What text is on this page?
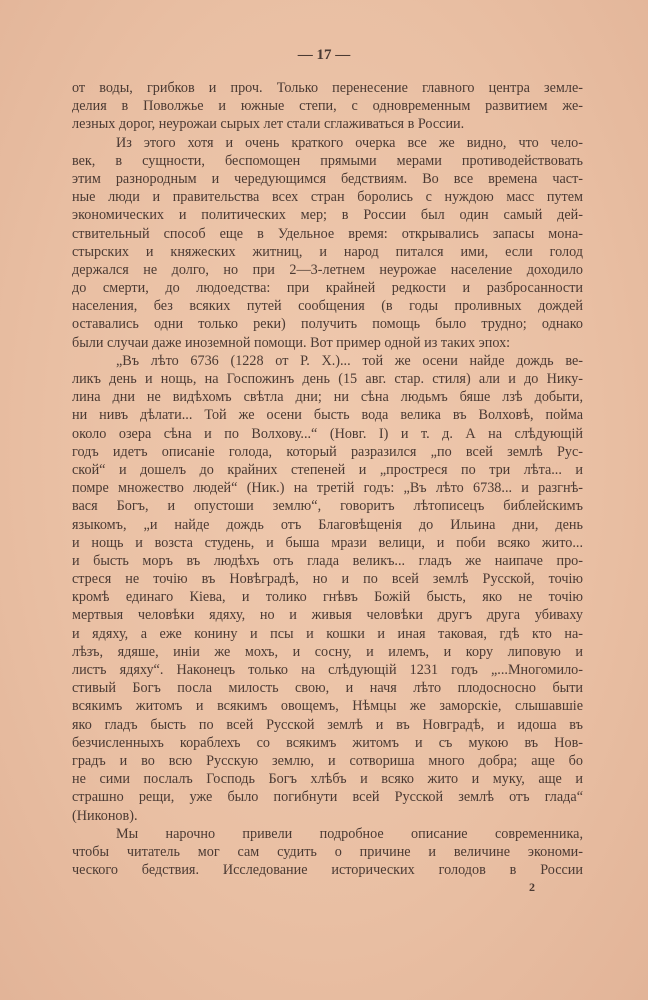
— 17 —
от воды, грибков и проч. Только перенесение главного центра земле-
делия в Поволжье и южные степи, с одновременным развитием же-
лезных дорог, неурожаи сырых лет стали сглаживаться в России.
Из этого хотя и очень краткого очерка все же видно, что чело-
век, в сущности, беспомощен прямыми мерами противодействовать
этим разнородным и чередующимся бедствиям. Во все времена част-
ные люди и правительства всех стран боролись с нуждою масс путем
экономических и политических мер; в России был один самый дей-
ствительный способ еще в Удельное время: открывались запасы мона-
стырских и княжеских житниц, и народ питался ими, если голод
держался не долго, но при 2—3-летнем неурожае население доходило
до смерти, до людоедства: при крайней редкости и разбросанности
населения, без всяких путей сообщения (в годы проливных дождей
оставались одни только реки) получить помощь было трудно; однако
были случаи даже иноземной помощи. Вот пример одной из таких эпох:
„Въ лѣто 6736 (1228 от Р. Х.)... той же осени найде дождь ве-
ликъ день и нощь, на Госпожинъ день (15 авг. стар. стиля) али и до Нику-
лина дни не видѣхомъ свѣтла дни; ни сѣна людьмъ бяше лзѣ добыти,
ни нивъ дѣлати... Той же осени бысть вода велика въ Волховѣ, пойма
около озера сѣна и по Волхову...“ (Новг. I) и т. д. А на слѣдующій
годъ идетъ описаніе голода, который разразился „по всей землѣ Рус-
ской“ и дошелъ до крайних степеней и „простреся по три лѣта... и
помре множество людей“ (Ник.) на третій годъ: „Въ лѣто 6738... и разгнѣ-
вася Богъ, и опустоши землю“, говоритъ лѣтописецъ библейскимъ
языкомъ, „и найде дождь отъ Благовѣщенія до Ильина дни, день
и нощь и возста студень, и быша мрази велици, и поби всяко жито...
и бысть моръ въ людѣхъ отъ глада великъ... гладъ же наипаче про-
стреся не точію въ Новѣградѣ, но и по всей землѣ Русской, точію
кромѣ единаго Кіева, и толико гнѣвъ Божій бысть, яко не точію
мертвыя человѣки ядяху, но и живыя человѣки другъ друга убиваху
и ядяху, а еже конину и псы и кошки и иная таковая, гдѣ кто на-
лѣзъ, ядяше, иніи же мохъ, и сосну, и илемъ, и кору липовую и
листъ ядяху“. Наконецъ только на слѣдующій 1231 годъ „...Многомило-
стивый Богъ посла милость свою, и начя лѣто плодосносно быти
всякимъ житомъ и всякимъ овощемъ, Нѣмцы же заморскіе, слышавшіе
яко гладъ бысть по всей Русской землѣ и въ Новградѣ, и идоша въ
безчисленныхъ кораблехъ со всякимъ житомъ и съ мукою въ Нов-
градъ и во всю Русскую землю, и сотвориша много добра; аще бо
не сими послалъ Господь Богъ хлѣбъ и всяко жито и муку, аще и
страшно рещи, уже было погибнути всей Русской землѣ отъ глада“
(Никонов).
Мы нарочно привели подробное описание современника,
чтобы читатель мог сам судить о причине и величине экономи-
ческого бедствия. Исследование исторических голодов в России
2
